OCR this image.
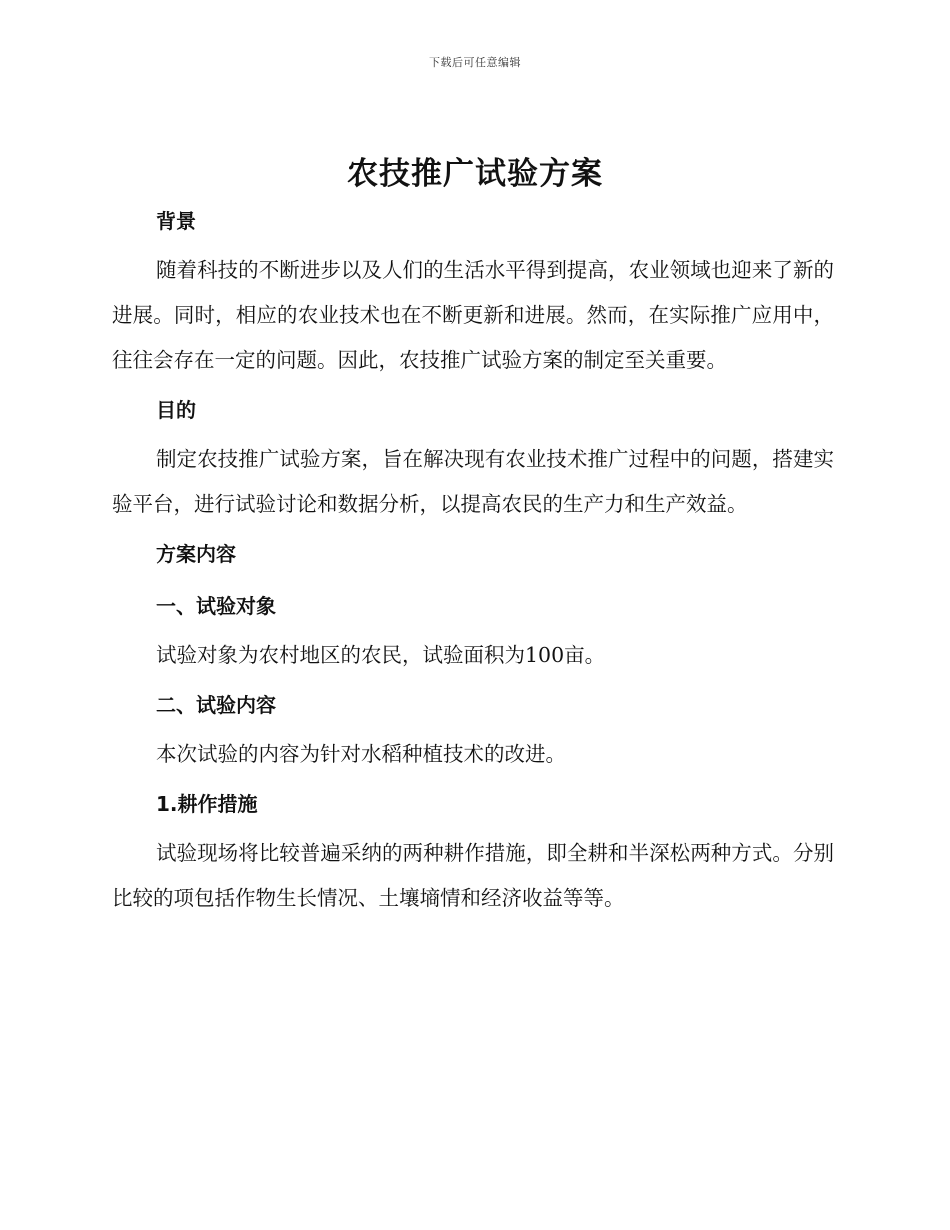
下载后可任意编辑
农技推广试验方案

背景

随着科技的不断进步以及人们的生活水平得到提高，农业领域也迎来了新的进展。同时，相应的农业技术也在不断更新和进展。然而，在实际推广应用中，往往会存在一定的问题。因此，农技推广试验方案的制定至关重要。

目的

制定农技推广试验方案，旨在解决现有农业技术推广过程中的问题，搭建实验平台，进行试验讨论和数据分析，以提高农民的生产力和生产效益。

方案内容

一、试验对象

试验对象为农村地区的农民，试验面积为100亩。

二、试验内容

本次试验的内容为针对水稻种植技术的改进。

1.耕作措施

试验现场将比较普遍采纳的两种耕作措施，即全耕和半深松两种方式。分别比较的项包括作物生长情况、土壤墒情和经济收益等等。
